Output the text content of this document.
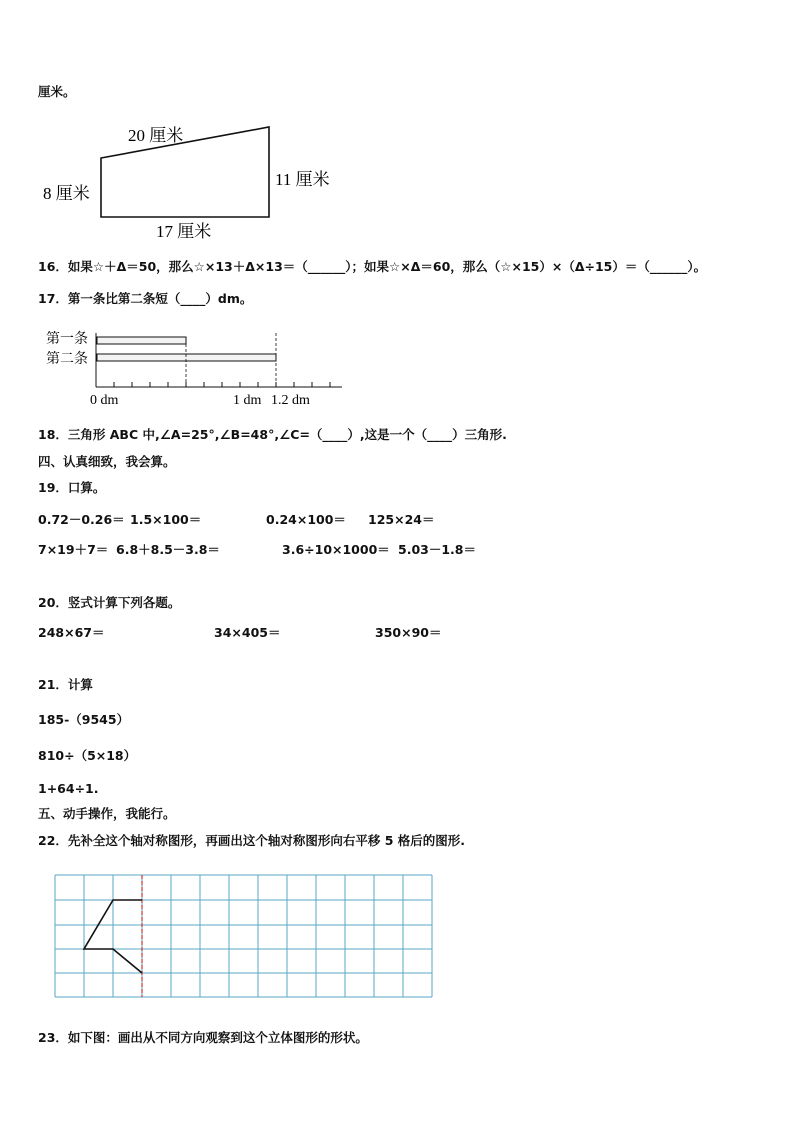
厘米。
20 厘米
8 厘米
11 厘米
17 厘米
16．如果☆＋Δ＝50，那么☆×13＋Δ×13＝（______）；如果☆×Δ＝60，那么（☆×15）×（Δ÷15）＝（______）。
17．第一条比第二条短（____）dm。
第一条
第二条
0 dm	1 dm 1.2 dm
18．三角形 ABC 中,∠A=25°,∠B=48°,∠C=（____）,这是一个（____）三角形.
四、认真细致，我会算。
19．口算。
0.72－0.26＝ 1.5×100＝	0.24×100＝ 125×24＝
7×19＋7＝ 6.8＋8.5－3.8＝	3.6÷10×1000＝ 5.03－1.8＝
20．竖式计算下列各题。
248×67＝	34×405＝	350×90＝
21．计算
185-（9545）
810÷（5×18）
1+64÷1.
五、动手操作，我能行。
22．先补全这个轴对称图形，再画出这个轴对称图形向右平移 5 格后的图形.
23．如下图：画出从不同方向观察到这个立体图形的形状。
